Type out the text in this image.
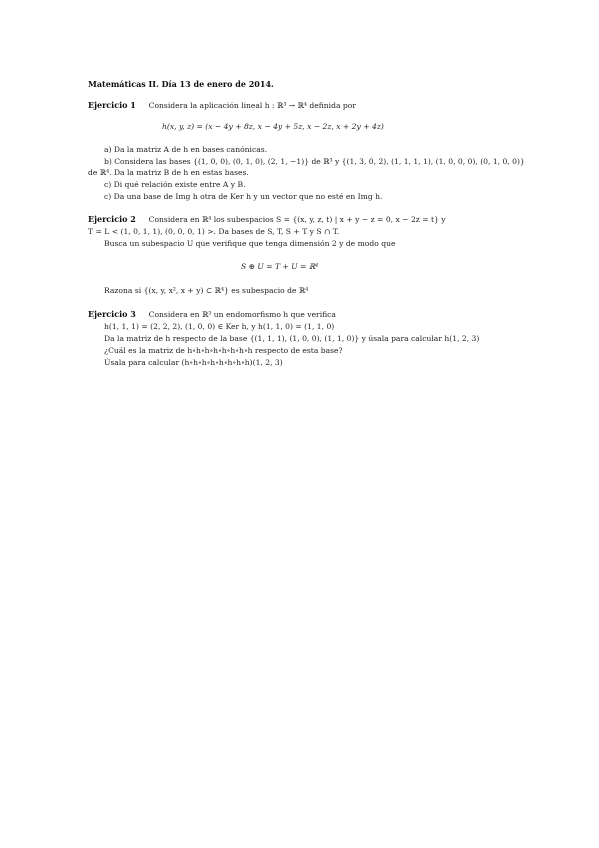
Matemáticas II. Día 13 de enero de 2014.
Ejercicio 1 Considera la aplicación lineal h : ℝ³ → ℝ⁴ definida por
h(x, y, z) = (x − 4y + 8z, x − 4y + 5z, x − 2z, x + 2y + 4z)
a) Da la matriz A de h en bases canónicas.
b) Considera las bases {(1, 0, 0), (0, 1, 0), (2, 1, −1)} de ℝ³ y {(1, 3, 0, 2), (1, 1, 1, 1), (1, 0, 0, 0), (0, 1, 0, 0)}
de ℝ⁴. Da la matriz B de h en estas bases.
c) Di qué relación existe entre A y B.
c) Da una base de Img h otra de Ker h y un vector que no esté en Img h.
Ejercicio 2 Considera en ℝ⁴ los subespacios S = {(x, y, z, t) | x + y − z = 0, x − 2z = t} y
T = L < (1, 0, 1, 1), (0, 0, 0, 1) >. Da bases de S, T, S + T y S ∩ T.
Busca un subespacio U que verifique que tenga dimensión 2 y de modo que
S ⊕ U = T + U = ℝ⁴
Razona si {(x, y, x², x + y) ⊂ ℝ⁴} es subespacio de ℝ⁴
Ejercicio 3 Considera en ℝ³ un endomorfismo h que verifica
h(1, 1, 1) = (2, 2, 2), (1, 0, 0) ∈ Ker h, y h(1, 1, 0) = (1, 1, 0)
Da la matriz de h respecto de la base {(1, 1, 1), (1, 0, 0), (1, 1, 0)} y úsala para calcular h(1, 2, 3)
¿Cuál es la matriz de h∘h∘h∘h∘h∘h∘h∘h respecto de esta base?
Úsala para calcular (h∘h∘h∘h∘h∘h∘h∘h)(1, 2, 3)
